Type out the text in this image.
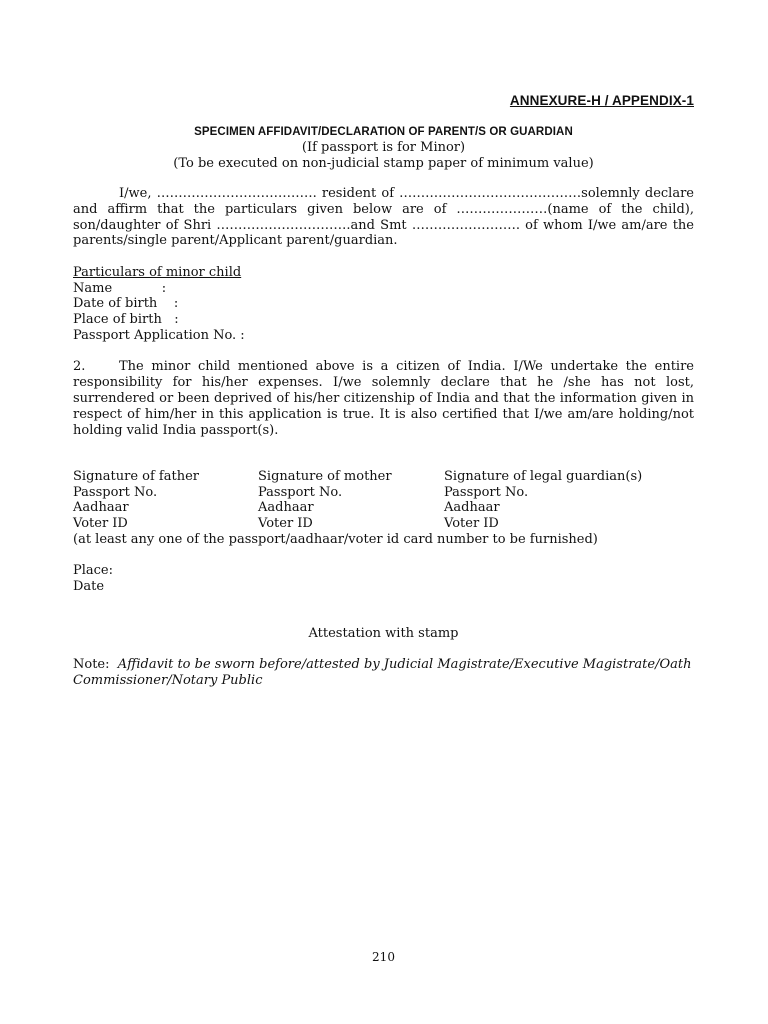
ANNEXURE-H / APPENDIX-1
SPECIMEN AFFIDAVIT/DECLARATION OF PARENT/S OR GUARDIAN
(If passport is for Minor)
(To be executed on non-judicial stamp paper of minimum value)

I/we, ………………………………. resident of ……………………………………solemnly declare and affirm that the particulars given below are of …………………(name of the child), son/daughter of Shri ………………………….and Smt ……………………. of whom I/we am/are the parents/single parent/Applicant parent/guardian.

Particulars of minor child
Name            :
Date of birth    :
Place of birth   :
Passport Application No. :

2.	The minor child mentioned above is a citizen of India. I/We undertake the entire responsibility for his/her expenses. I/we solemnly declare that he /she has not lost, surrendered or been deprived of his/her citizenship of India and that the information given in respect of him/her in this application is true. It is also certified that I/we am/are holding/not holding valid India passport(s).

Signature of father	Signature of mother	Signature of legal guardian(s)
Passport No.	Passport No.	Passport No.
Aadhaar	Aadhaar	Aadhaar
Voter ID	Voter ID	Voter ID
(at least any one of the passport/aadhaar/voter id card number to be furnished)
Place:
Date
Attestation with stamp
Note: Affidavit to be sworn before/attested by Judicial Magistrate/Executive Magistrate/Oath Commissioner/Notary Public
210
